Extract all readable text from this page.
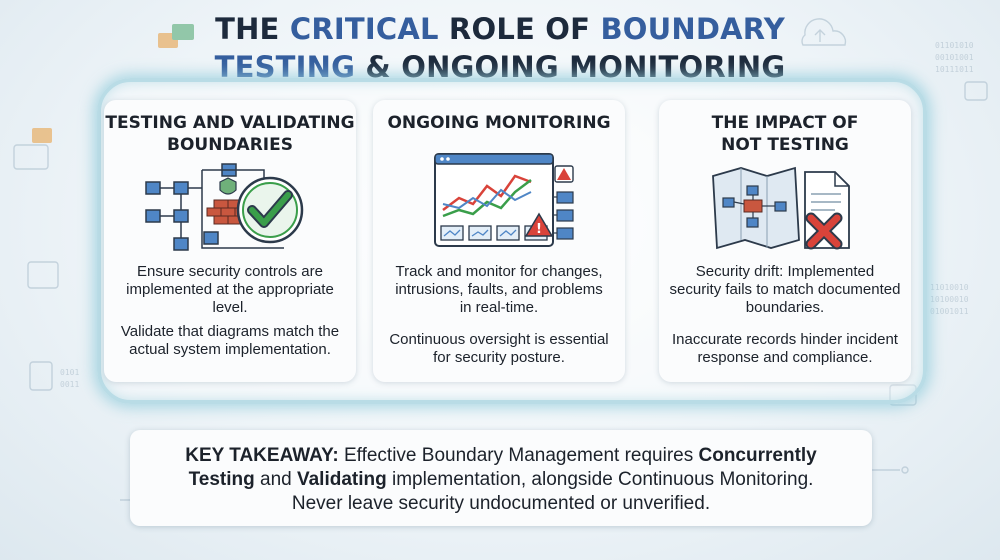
01101010
00101001
10111011
11010010
10100010
01001011
0101
0011
THE CRITICAL ROLE OF BOUNDARY
TESTING & ONGOING MONITORING
TESTING AND VALIDATING
BOUNDARIES

Ensure security controls are
implemented at the appropriate
level.

Validate that diagrams match the
actual system implementation.

ONGOING MONITORING
!

Track and monitor for changes,
intrusions, faults, and problems
in real-time.

Continuous oversight is essential
for security posture.

THE IMPACT OF
NOT TESTING

Security drift: Implemented
security fails to match documented
boundaries.

Inaccurate records hinder incident
response and compliance.

KEY TAKEAWAY: Effective Boundary Management requires Concurrently
Testing and Validating implementation, alongside Continuous Monitoring.
Never leave security undocumented or unverified.
